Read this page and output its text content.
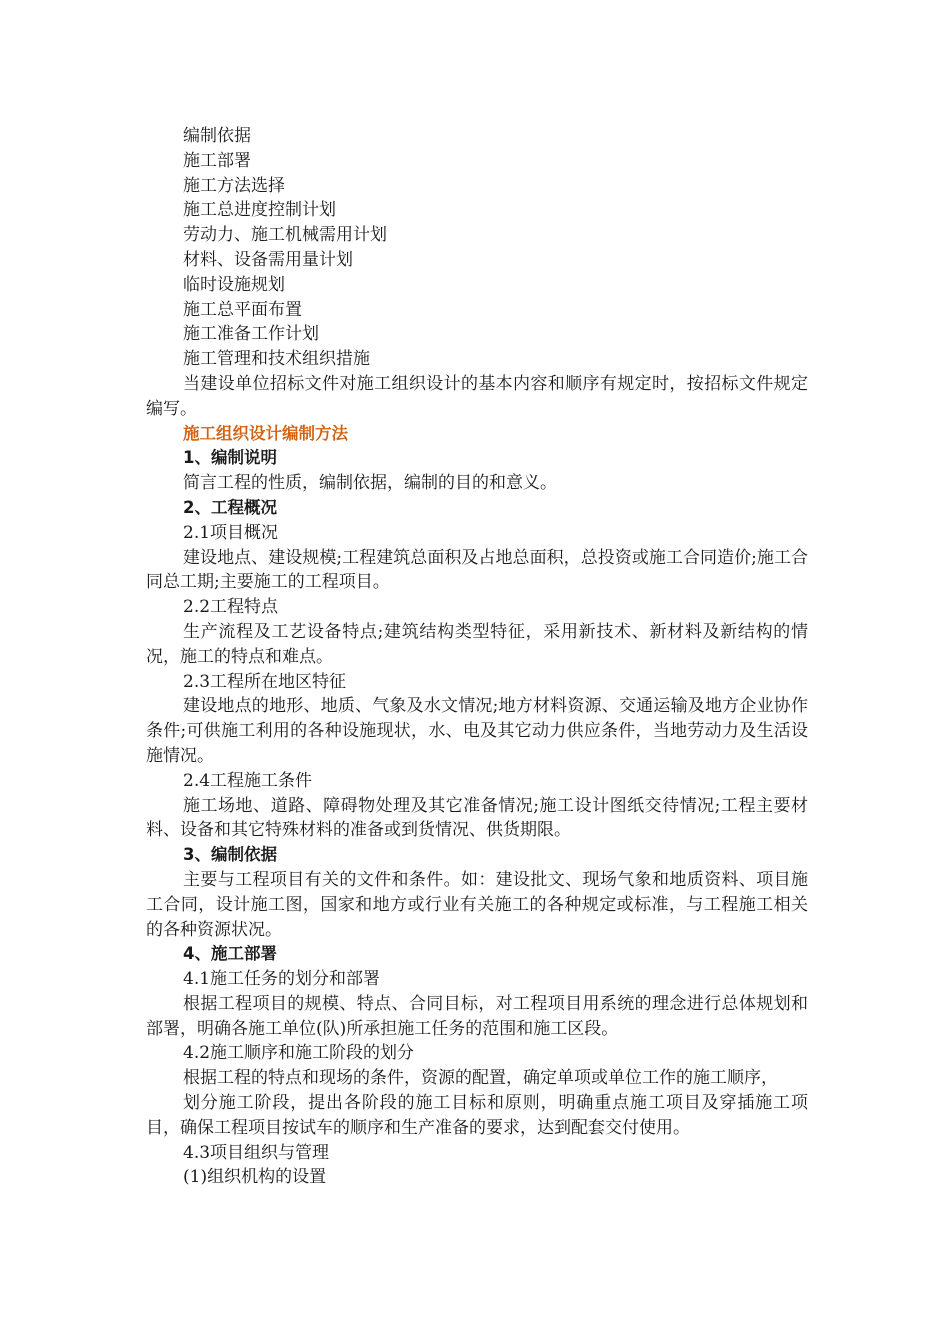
编制依据
施工部署
施工方法选择
施工总进度控制计划
劳动力、施工机械需用计划
材料、设备需用量计划
临时设施规划
施工总平面布置
施工准备工作计划
施工管理和技术组织措施
当建设单位招标文件对施工组织设计的基本内容和顺序有规定时，按招标文件规定编写。
施工组织设计编制方法
1、编制说明
简言工程的性质，编制依据，编制的目的和意义。
2、工程概况
2.1项目概况
建设地点、建设规模;工程建筑总面积及占地总面积，总投资或施工合同造价;施工合同总工期;主要施工的工程项目。
2.2工程特点
生产流程及工艺设备特点;建筑结构类型特征，采用新技术、新材料及新结构的情况，施工的特点和难点。
2.3工程所在地区特征
建设地点的地形、地质、气象及水文情况;地方材料资源、交通运输及地方企业协作条件;可供施工利用的各种设施现状，水、电及其它动力供应条件，当地劳动力及生活设施情况。
2.4工程施工条件
施工场地、道路、障碍物处理及其它准备情况;施工设计图纸交待情况;工程主要材料、设备和其它特殊材料的准备或到货情况、供货期限。
3、编制依据
主要与工程项目有关的文件和条件。如：建设批文、现场气象和地质资料、项目施工合同，设计施工图，国家和地方或行业有关施工的各种规定或标准，与工程施工相关的各种资源状况。
4、施工部署
4.1施工任务的划分和部署
根据工程项目的规模、特点、合同目标，对工程项目用系统的理念进行总体规划和部署，明确各施工单位(队)所承担施工任务的范围和施工区段。
4.2施工顺序和施工阶段的划分
根据工程的特点和现场的条件，资源的配置，确定单项或单位工作的施工顺序，
划分施工阶段，提出各阶段的施工目标和原则，明确重点施工项目及穿插施工项目，确保工程项目按试车的顺序和生产准备的要求，达到配套交付使用。
4.3项目组织与管理
(1)组织机构的设置
